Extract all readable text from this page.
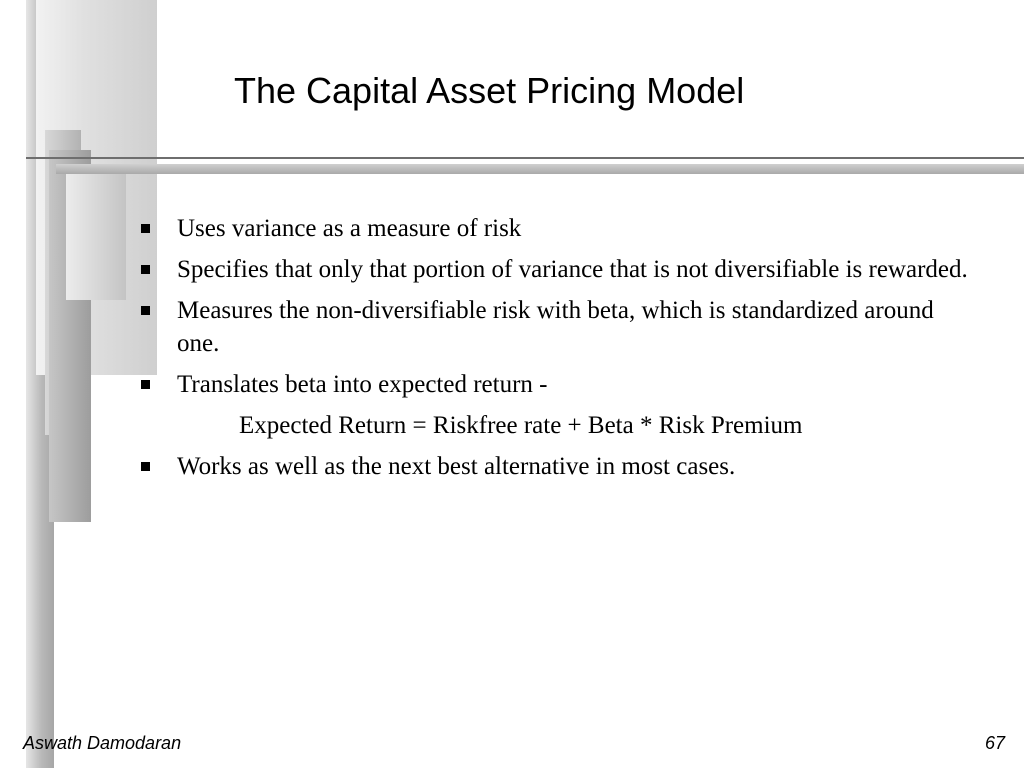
The Capital Asset Pricing Model
Uses variance as a measure of risk
Specifies that only that portion of variance that is not diversifiable is rewarded.
Measures the non-diversifiable risk with beta, which is standardized around one.
Translates beta into expected return -
Expected Return = Riskfree rate + Beta * Risk Premium
Works as well as the next best alternative in most cases.
Aswath Damodaran	67
